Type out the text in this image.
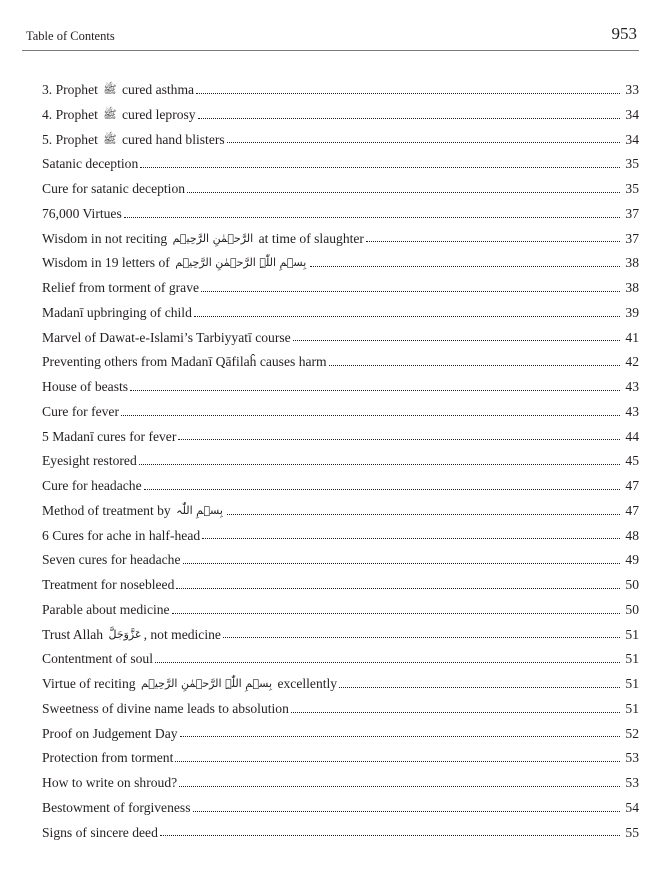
Table of Contents	953
3. Prophet ﷺ cured asthma	33
4. Prophet ﷺ cured leprosy	34
5. Prophet ﷺ cured hand blisters	34
Satanic deception	35
Cure for satanic deception	35
76,000 Virtues	37
Wisdom in not reciting الرَّحۡمٰنِ الرَّحِیۡم at time of slaughter	37
Wisdom in 19 letters of بِسۡمِ اللّٰہِ الرَّحۡمٰنِ الرَّحِیۡم	38
Relief from torment of grave	38
Madanī upbringing of child	39
Marvel of Dawat-e-Islami’s Tarbiyyatī course	41
Preventing others from Madanī Qāfilaĥ causes harm	42
House of beasts	43
Cure for fever	43
5 Madanī cures for fever	44
Eyesight restored	45
Cure for headache	47
Method of treatment by بِسۡمِ اللّٰہ	47
6 Cures for ache in half-head	48
Seven cures for headache	49
Treatment for nosebleed	50
Parable about medicine	50
Trust Allah عَزَّوَجَلَّ , not medicine	51
Contentment of soul	51
Virtue of reciting بِسۡمِ اللّٰہِ الرَّحۡمٰنِ الرَّحِیۡم excellently	51
Sweetness of divine name leads to absolution	51
Proof on Judgement Day	52
Protection from torment	53
How to write on shroud?	53
Bestowment of forgiveness	54
Signs of sincere deed	55
